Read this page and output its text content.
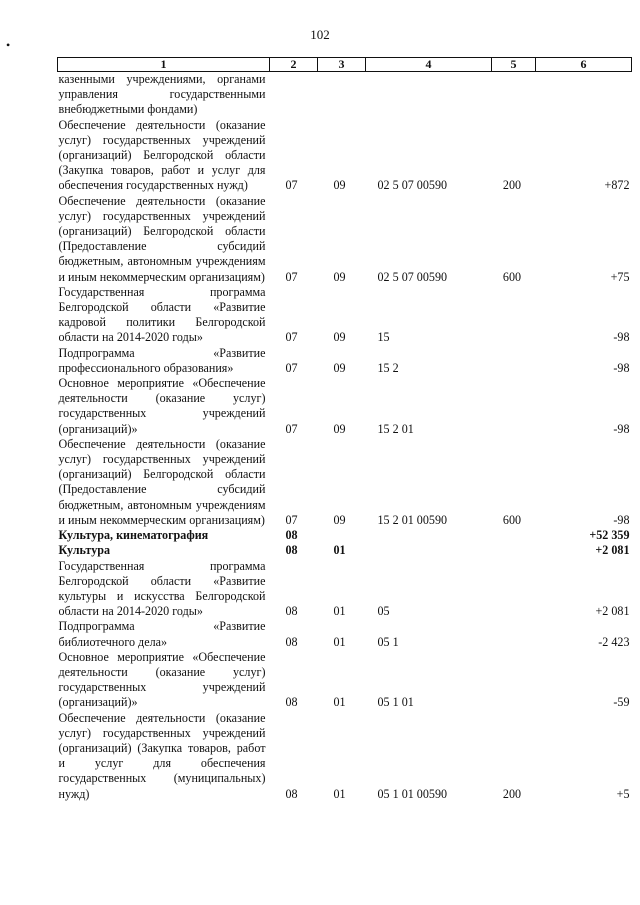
102
•
1	2	3	4	5	6
казенными учреждениями, органами управления государственными внебюджетными фондами)					
Обеспечение деятельности (оказание услуг) государственных учреждений (организаций) Белгородской области (Закупка товаров, работ и услуг для обеспечения государственных нужд)	07	09	02 5 07 00590	200	+872
Обеспечение деятельности (оказание услуг) государственных учреждений (организаций) Белгородской области (Предоставление субсидий бюджетным, автономным учреждениям и иным некоммерческим организациям)	07	09	02 5 07 00590	600	+75
Государственная программа Белгородской области «Развитие кадровой политики Белгородской области на 2014-2020 годы»	07	09	15		-98
Подпрограмма «Развитие профессионального образования»	07	09	15 2		-98
Основное мероприятие «Обеспечение деятельности (оказание услуг) государственных учреждений (организаций)»	07	09	15 2 01		-98
Обеспечение деятельности (оказание услуг) государственных учреждений (организаций) Белгородской области (Предоставление субсидий бюджетным, автономным учреждениям и иным некоммерческим организациям)	07	09	15 2 01 00590	600	-98
Культура, кинематография	08				+52 359
Культура	08	01			+2 081
Государственная программа Белгородской области «Развитие культуры и искусства Белгородской области на 2014-2020 годы»	08	01	05		+2 081
Подпрограмма «Развитие библиотечного дела»	08	01	05 1		-2 423
Основное мероприятие «Обеспечение деятельности (оказание услуг) государственных учреждений (организаций)»	08	01	05 1 01		-59
Обеспечение деятельности (оказание услуг) государственных учреждений (организаций) (Закупка товаров, работ и услуг для обеспечения государственных (муниципальных) нужд)	08	01	05 1 01 00590	200	+5
